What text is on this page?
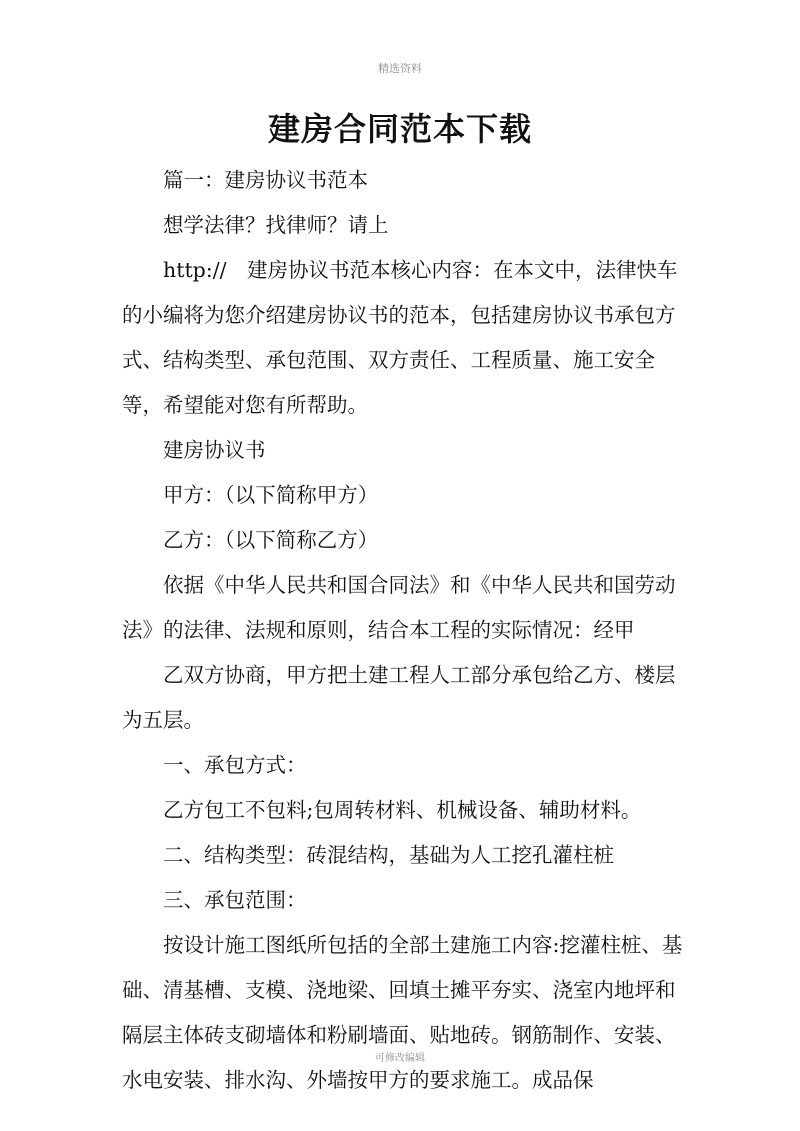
精选资料
建房合同范本下载

篇一：建房协议书范本

想学法律？找律师？请上

http://　建房协议书范本核心内容：在本文中，法律快车的小编将为您介绍建房协议书的范本，包括建房协议书承包方式、结构类型、承包范围、双方责任、工程质量、施工安全等，希望能对您有所帮助。

建房协议书

甲方：（以下简称甲方）

乙方：（以下简称乙方）

依据《中华人民共和国合同法》和《中华人民共和国劳动法》的法律、法规和原则，结合本工程的实际情况：经甲

乙双方协商，甲方把土建工程人工部分承包给乙方、楼层为五层。

一、承包方式：

乙方包工不包料;包周转材料、机械设备、辅助材料。

二、结构类型：砖混结构，基础为人工挖孔灌柱桩

三、承包范围：

按设计施工图纸所包括的全部土建施工内容:挖灌柱桩、基础、清基槽、支模、浇地梁、回填土摊平夯实、浇室内地坪和隔层主体砖支砌墙体和粉刷墙面、贴地砖。钢筋制作、安装、水电安装、排水沟、外墙按甲方的要求施工。成品保

可修改编辑
